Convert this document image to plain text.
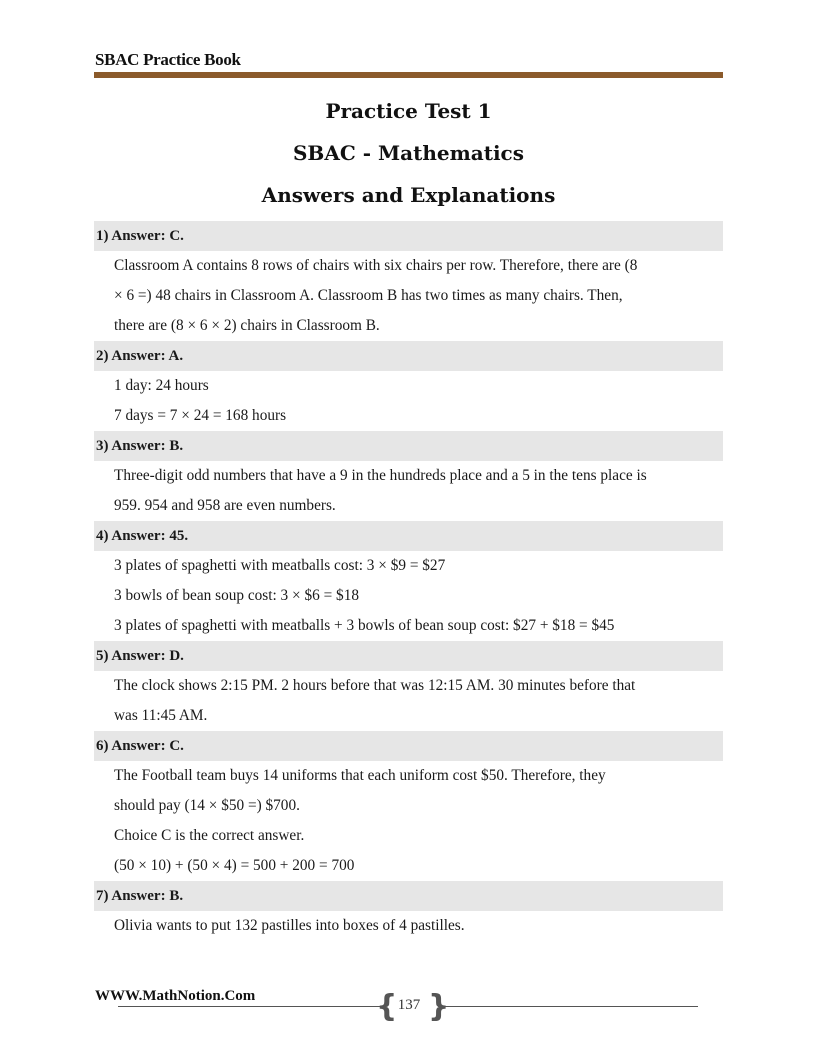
SBAC Practice Book
Practice Test 1
SBAC - Mathematics
Answers and Explanations
1) Answer: C.
Classroom A contains 8 rows of chairs with six chairs per row. Therefore, there are (8
× 6 =) 48 chairs in Classroom A. Classroom B has two times as many chairs. Then,
there are (8 × 6 × 2) chairs in Classroom B.
2) Answer: A.
1 day: 24 hours
7 days = 7 × 24 = 168 hours
3) Answer: B.
Three-digit odd numbers that have a 9 in the hundreds place and a 5 in the tens place is
959. 954 and 958 are even numbers.
4) Answer: 45.
3 plates of spaghetti with meatballs cost: 3 × $9 = $27
3 bowls of bean soup cost: 3 × $6 = $18
3 plates of spaghetti with meatballs + 3 bowls of bean soup cost: $27 + $18 = $45
5) Answer: D.
The clock shows 2:15 PM. 2 hours before that was 12:15 AM. 30 minutes before that
was 11:45 AM.
6) Answer: C.
The Football team buys 14 uniforms that each uniform cost $50. Therefore, they
should pay (14 × $50 =) $700.
Choice C is the correct answer.
(50 × 10) + (50 × 4) = 500 + 200 = 700
7) Answer: B.
Olivia wants to put 132 pastilles into boxes of 4 pastilles.
WWW.MathNotion.Com	{ }
137
